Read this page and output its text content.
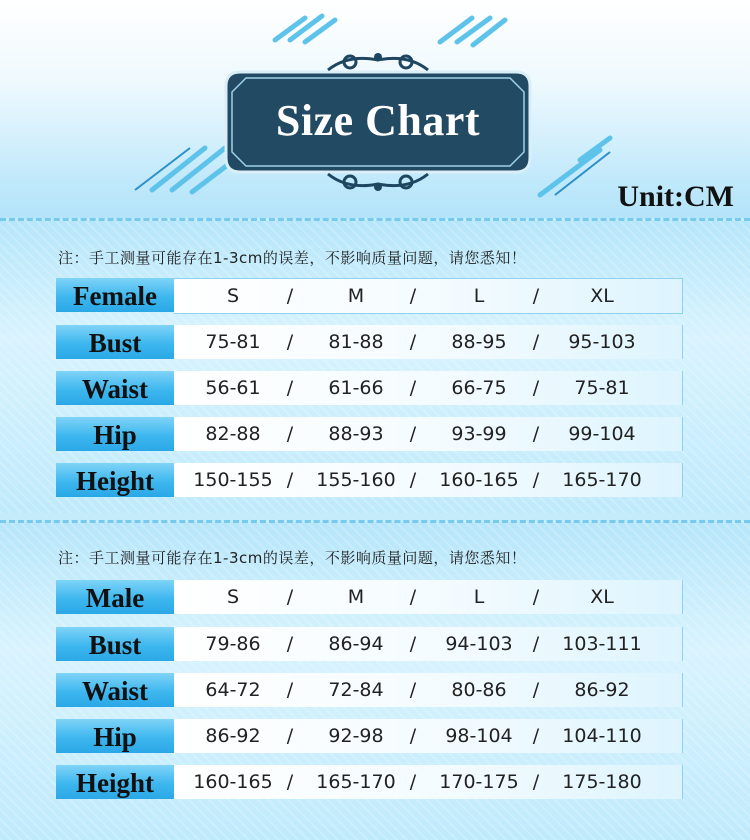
Size Chart
Unit:CM
注：手工测量可能存在1-3cm的误差，不影响质量问题，请您悉知！
Female	S	/	M	/	L	/	XL
Bust	75-81	/	81-88	/	88-95	/	95-103
Waist	56-61	/	61-66	/	66-75	/	75-81
Hip	82-88	/	88-93	/	93-99	/	99-104
Height	150-155 /	155-160 /	160-165 /	165-170
注：手工测量可能存在1-3cm的误差，不影响质量问题，请您悉知！
Male	S	/	M	/	L	/	XL
Bust	79-86	/	86-94	/	94-103	/	103-111
Waist	64-72	/	72-84	/	80-86	/	86-92
Hip	86-92	/	92-98	/	98-104	/	104-110
Height	160-165 /	165-170 /	170-175 /	175-180
